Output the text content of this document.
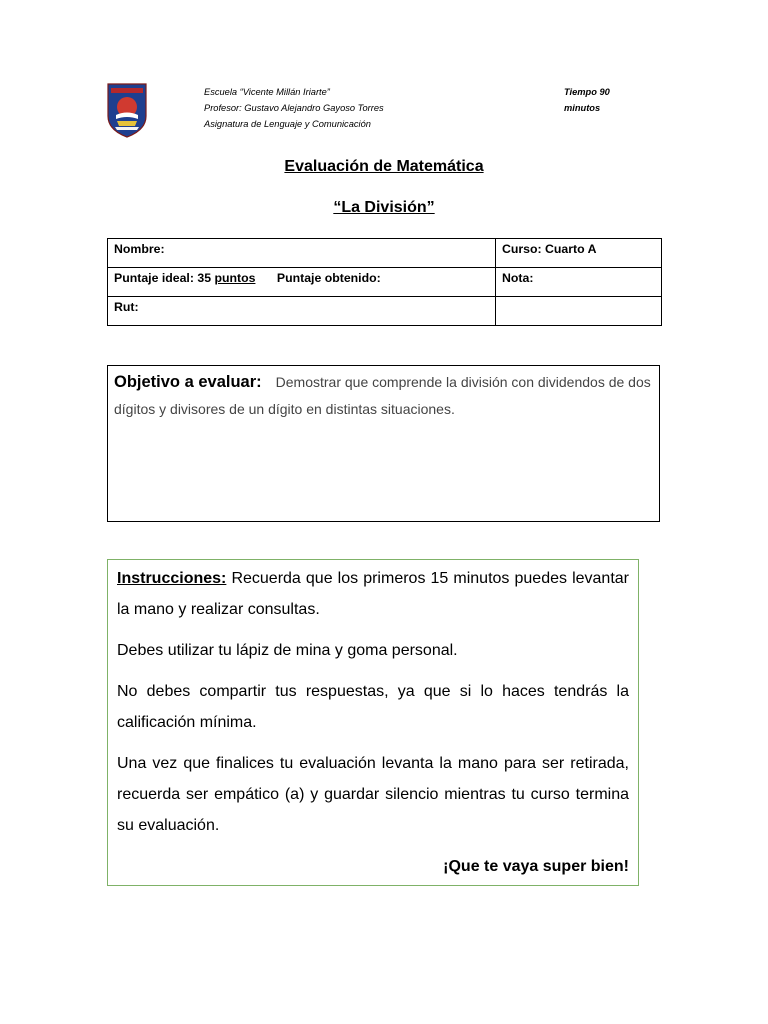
Escuela “Vicente Millán Iriarte”
Profesor: Gustavo Alejandro Gayoso Torres
Asignatura de Lenguaje y Comunicación
Tiempo 90
minutos
Evaluación de Matemática
“La División”
Nombre:	Curso: Cuarto A
Puntaje ideal: 35 puntos Puntaje obtenido:	Nota:
Rut:	
Objetivo a evaluar: Demostrar que comprende la división con dividendos de dos dígitos y divisores de un dígito en distintas situaciones.

Instrucciones: Recuerda que los primeros 15 minutos puedes levantar la mano y realizar consultas.

Debes utilizar tu lápiz de mina y goma personal.

No debes compartir tus respuestas, ya que si lo haces tendrás la calificación mínima.

Una vez que finalices tu evaluación levanta la mano para ser retirada, recuerda ser empático (a) y guardar silencio mientras tu curso termina su evaluación.

¡Que te vaya super bien!
